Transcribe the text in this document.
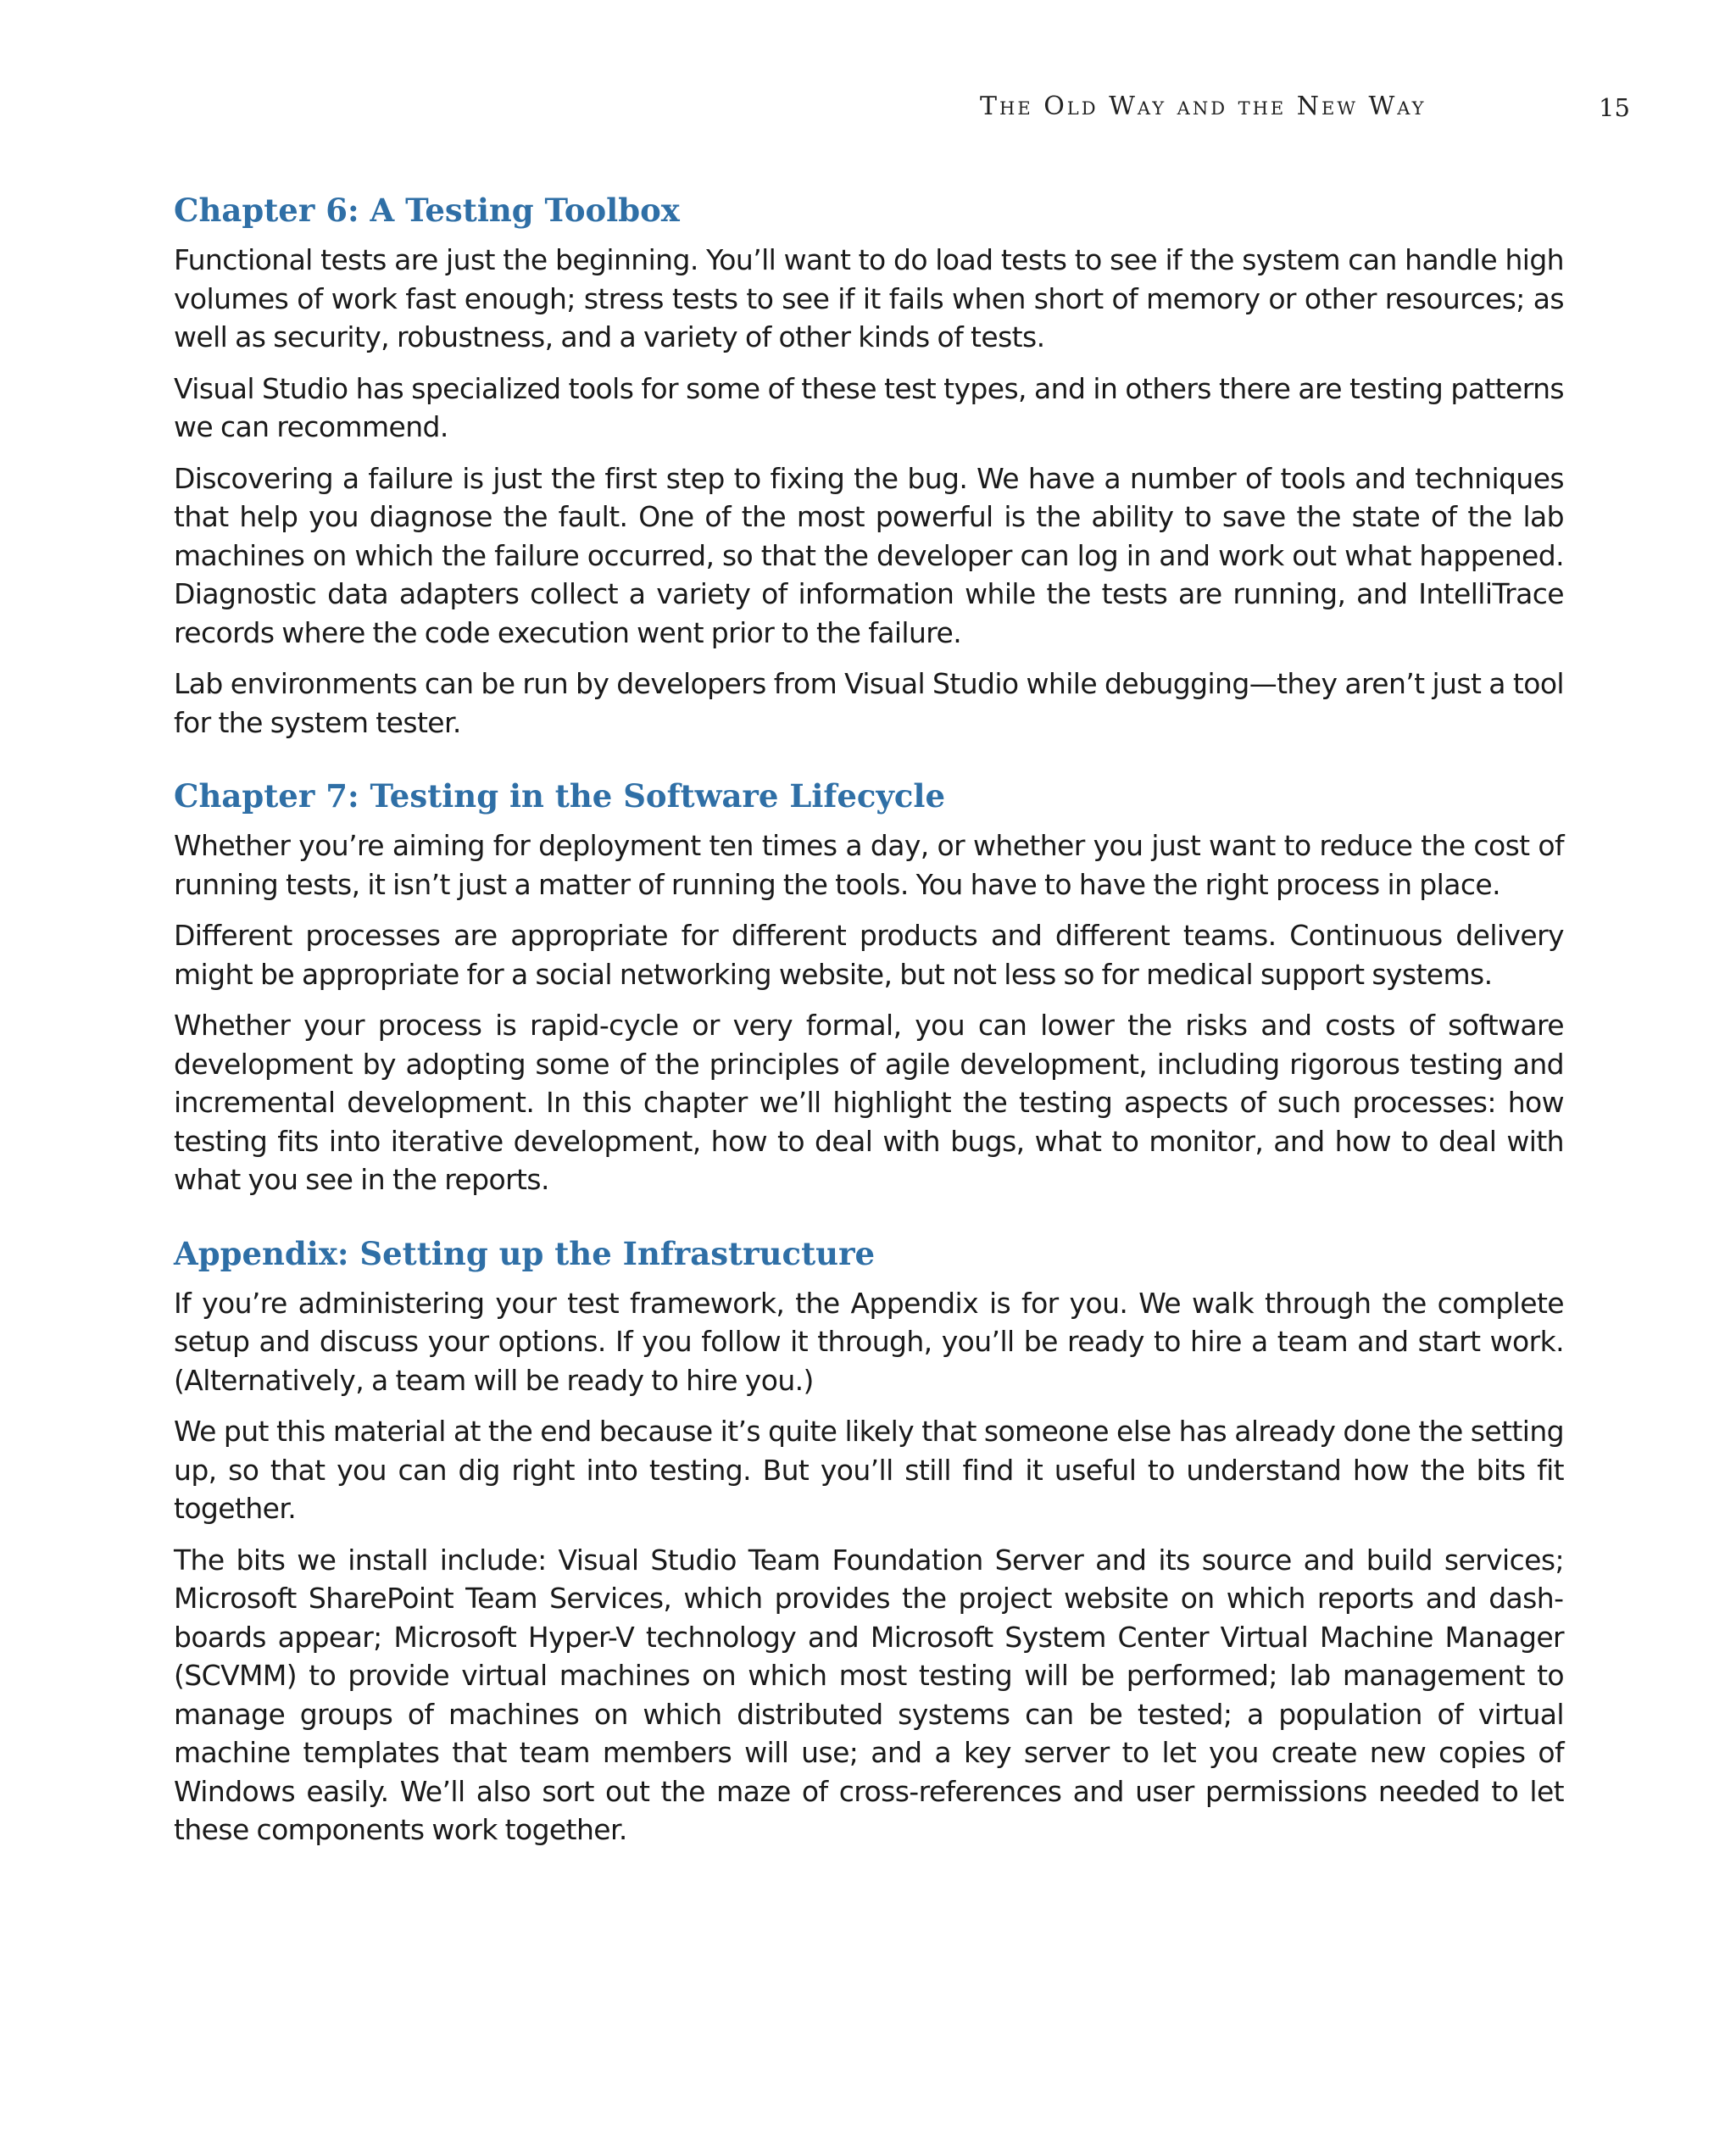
The Old Way and the New Way	15
Chapter 6: A Testing Toolbox

Functional tests are just the beginning. You’ll want to do load tests to see if the system can handle high volumes of work fast enough; stress tests to see if it fails when short of memory or other resources; as well as security, robustness, and a variety of other kinds of tests.

Visual Studio has specialized tools for some of these test types, and in others there are testing patterns we can recommend.

Discovering a failure is just the first step to fixing the bug. We have a number of tools and techniques that help you diagnose the fault. One of the most powerful is the ability to save the state of the lab machines on which the failure occurred, so that the developer can log in and work out what happened. Diagnostic data adapters collect a variety of information while the tests are running, and IntelliTrace records where the code execution went prior to the failure.

Lab environments can be run by developers from Visual Studio while debugging—they aren’t just a tool for the system tester.

Chapter 7: Testing in the Software Lifecycle

Whether you’re aiming for deployment ten times a day, or whether you just want to reduce the cost of running tests, it isn’t just a matter of running the tools. You have to have the right process in place.

Different processes are appropriate for different products and different teams. Continuous delivery might be appropriate for a social networking website, but not less so for medical support systems.

Whether your process is rapid-cycle or very formal, you can lower the risks and costs of software development by adopting some of the principles of agile development, including rigorous testing and incremental development. In this chapter we’ll highlight the testing aspects of such processes: how testing fits into iterative development, how to deal with bugs, what to monitor, and how to deal with what you see in the reports.

Appendix: Setting up the Infrastructure

If you’re administering your test framework, the Appendix is for you. We walk through the complete setup and discuss your options. If you follow it through, you’ll be ready to hire a team and start work. (Alternatively, a team will be ready to hire you.)

We put this material at the end because it’s quite likely that someone else has already done the setting up, so that you can dig right into testing. But you’ll still find it useful to understand how the bits fit together.

The bits we install include: Visual Studio Team Foundation Server and its source and build services; Microsoft SharePoint Team Services, which provides the project website on which reports and dashboards appear; Microsoft Hyper-V technology and Microsoft System Center Virtual Machine Manager (SCVMM) to provide virtual machines on which most testing will be performed; lab management to manage groups of machines on which distributed systems can be tested; a population of virtual machine templates that team members will use; and a key server to let you create new copies of Windows easily. We’ll also sort out the maze of cross-references and user permissions needed to let these components work together.
